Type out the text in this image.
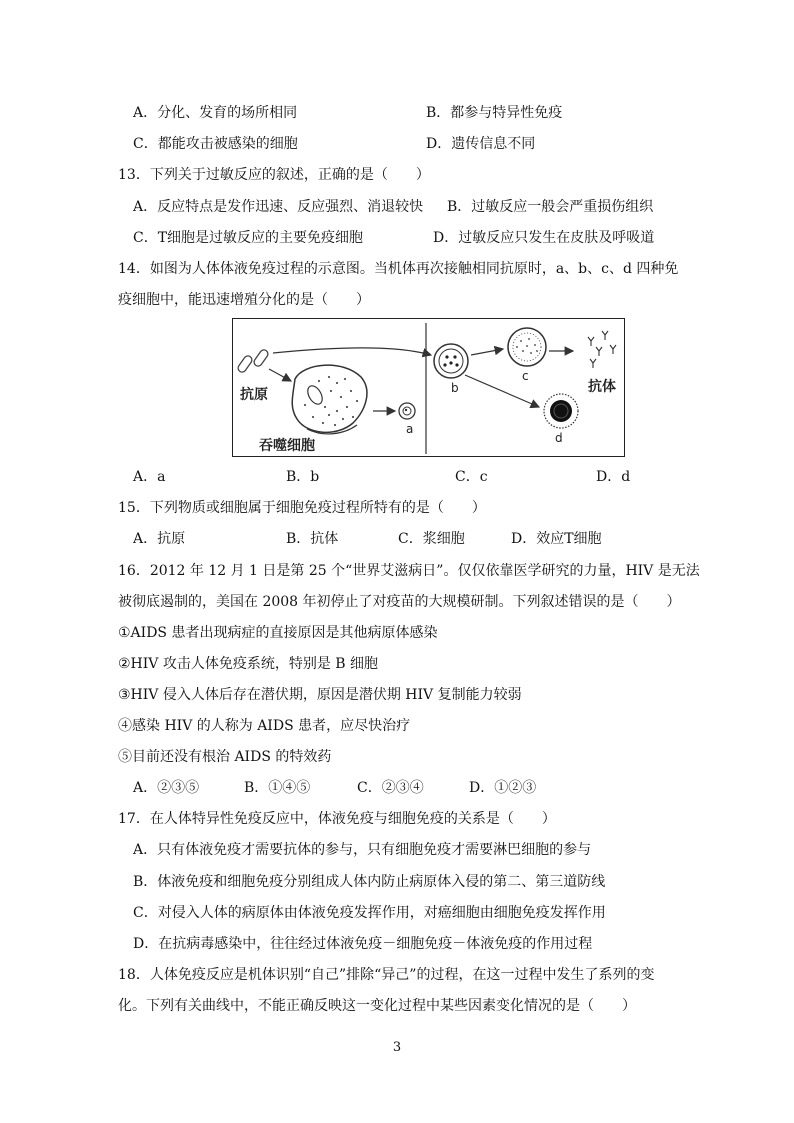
A．分化、发育的场所相同	B．都参与特异性免疫
C．都能攻击被感染的细胞	D．遗传信息不同
13．下列关于过敏反应的叙述，正确的是（　　）
A．反应特点是发作迅速、反应强烈、消退较快 B．过敏反应一般会严重损伤组织
C．T细胞是过敏反应的主要免疫细胞	D．过敏反应只发生在皮肤及呼吸道
14．如图为人体体液免疫过程的示意图。当机体再次接触相同抗原时，a、b、c、d 四种免
疫细胞中，能迅速增殖分化的是（　　）
抗原
吞噬细胞
抗体
a
b
c
d
A．a	B．b	C．c	D．d
15．下列物质或细胞属于细胞免疫过程所特有的是（　　）
A．抗原	B．抗体	C．浆细胞	D．效应T细胞
16．2012 年 12 月 1 日是第 25 个“世界艾滋病日”。仅仅依靠医学研究的力量，HIV 是无法
被彻底遏制的，美国在 2008 年初停止了对疫苗的大规模研制。下列叙述错误的是（　　）
①AIDS 患者出现病症的直接原因是其他病原体感染
②HIV 攻击人体免疫系统，特别是 B 细胞
③HIV 侵入人体后存在潜伏期，原因是潜伏期 HIV 复制能力较弱
④感染 HIV 的人称为 AIDS 患者，应尽快治疗
⑤目前还没有根治 AIDS 的特效药
A．②③⑤	B．①④⑤	C．②③④	D．①②③
17．在人体特异性免疫反应中，体液免疫与细胞免疫的关系是（　　）
A．只有体液免疫才需要抗体的参与，只有细胞免疫才需要淋巴细胞的参与
B．体液免疫和细胞免疫分别组成人体内防止病原体入侵的第二、第三道防线
C．对侵入人体的病原体由体液免疫发挥作用，对癌细胞由细胞免疫发挥作用
D．在抗病毒感染中，往往经过体液免疫－细胞免疫－体液免疫的作用过程
18．人体免疫反应是机体识别“自己”排除“异己”的过程，在这一过程中发生了系列的变
化。下列有关曲线中，不能正确反映这一变化过程中某些因素变化情况的是（　　）
3
